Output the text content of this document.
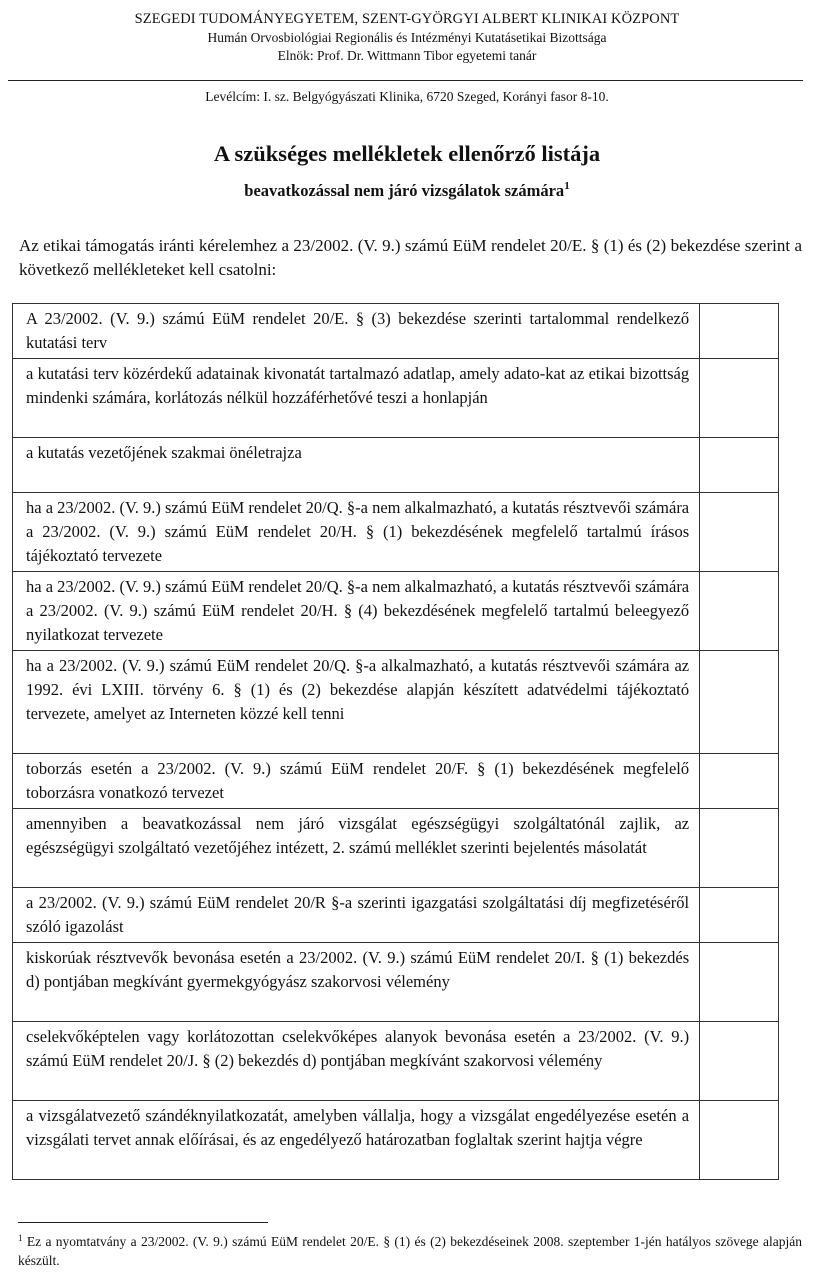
SZEGEDI TUDOMÁNYEGYETEM, SZENT-GYÖRGYI ALBERT KLINIKAI KÖZPONT
Humán Orvosbiológiai Regionális és Intézményi Kutatásetikai Bizottsága
Elnök: Prof. Dr. Wittmann Tibor egyetemi tanár
Levélcím: I. sz. Belgyógyászati Klinika, 6720 Szeged, Korányi fasor 8-10.
A szükséges mellékletek ellenőrző listája
beavatkozással nem járó vizsgálatok számára$^1$
Az etikai támogatás iránti kérelemhez a 23/2002. (V. 9.) számú EüM rendelet 20/E. § (1) és (2) bekezdése szerint a következő mellékleteket kell csatolni:
A 23/2002. (V. 9.) számú EüM rendelet 20/E. § (3) bekezdése szerinti tartalommal rendelkező kutatási terv	
a kutatási terv közérdekű adatainak kivonatát tartalmazó adatlap, amely adato-kat az etikai bizottság mindenki számára, korlátozás nélkül hozzáférhetővé teszi a honlapján	
a kutatás vezetőjének szakmai önéletrajza	
ha a 23/2002. (V. 9.) számú EüM rendelet 20/Q. §-a nem alkalmazható, a kutatás résztvevői számára a 23/2002. (V. 9.) számú EüM rendelet 20/H. § (1) bekezdésének megfelelő tartalmú írásos tájékoztató tervezete	
ha a 23/2002. (V. 9.) számú EüM rendelet 20/Q. §-a nem alkalmazható, a kutatás résztvevői számára a 23/2002. (V. 9.) számú EüM rendelet 20/H. § (4) bekezdésének megfelelő tartalmú beleegyező nyilatkozat tervezete	
ha a 23/2002. (V. 9.) számú EüM rendelet 20/Q. §-a alkalmazható, a kutatás résztvevői számára az 1992. évi LXIII. törvény 6. § (1) és (2) bekezdése alapján készített adatvédelmi tájékoztató tervezete, amelyet az Interneten közzé kell tenni	
toborzás esetén a 23/2002. (V. 9.) számú EüM rendelet 20/F. § (1) bekezdésének megfelelő toborzásra vonatkozó tervezet	
amennyiben a beavatkozással nem járó vizsgálat egészségügyi szolgáltatónál zajlik, az egészségügyi szolgáltató vezetőjéhez intézett, 2. számú melléklet szerinti bejelentés másolatát	
a 23/2002. (V. 9.) számú EüM rendelet 20/R §-a szerinti igazgatási szolgáltatási díj megfizetéséről szóló igazolást	
kiskorúak résztvevők bevonása esetén a 23/2002. (V. 9.) számú EüM rendelet 20/I. § (1) bekezdés d) pontjában megkívánt gyermekgyógyász szakorvosi vélemény	
cselekvőképtelen vagy korlátozottan cselekvőképes alanyok bevonása esetén a 23/2002. (V. 9.) számú EüM rendelet 20/J. § (2) bekezdés d) pontjában megkívánt szakorvosi vélemény	
a vizsgálatvezető szándéknyilatkozatát, amelyben vállalja, hogy a vizsgálat engedélyezése esetén a vizsgálati tervet annak előírásai, és az engedélyező határozatban foglaltak szerint hajtja végre	
$^1$ Ez a nyomtatvány a 23/2002. (V. 9.) számú EüM rendelet 20/E. § (1) és (2) bekezdéseinek 2008. szeptember 1-jén hatályos szövege alapján készült.
